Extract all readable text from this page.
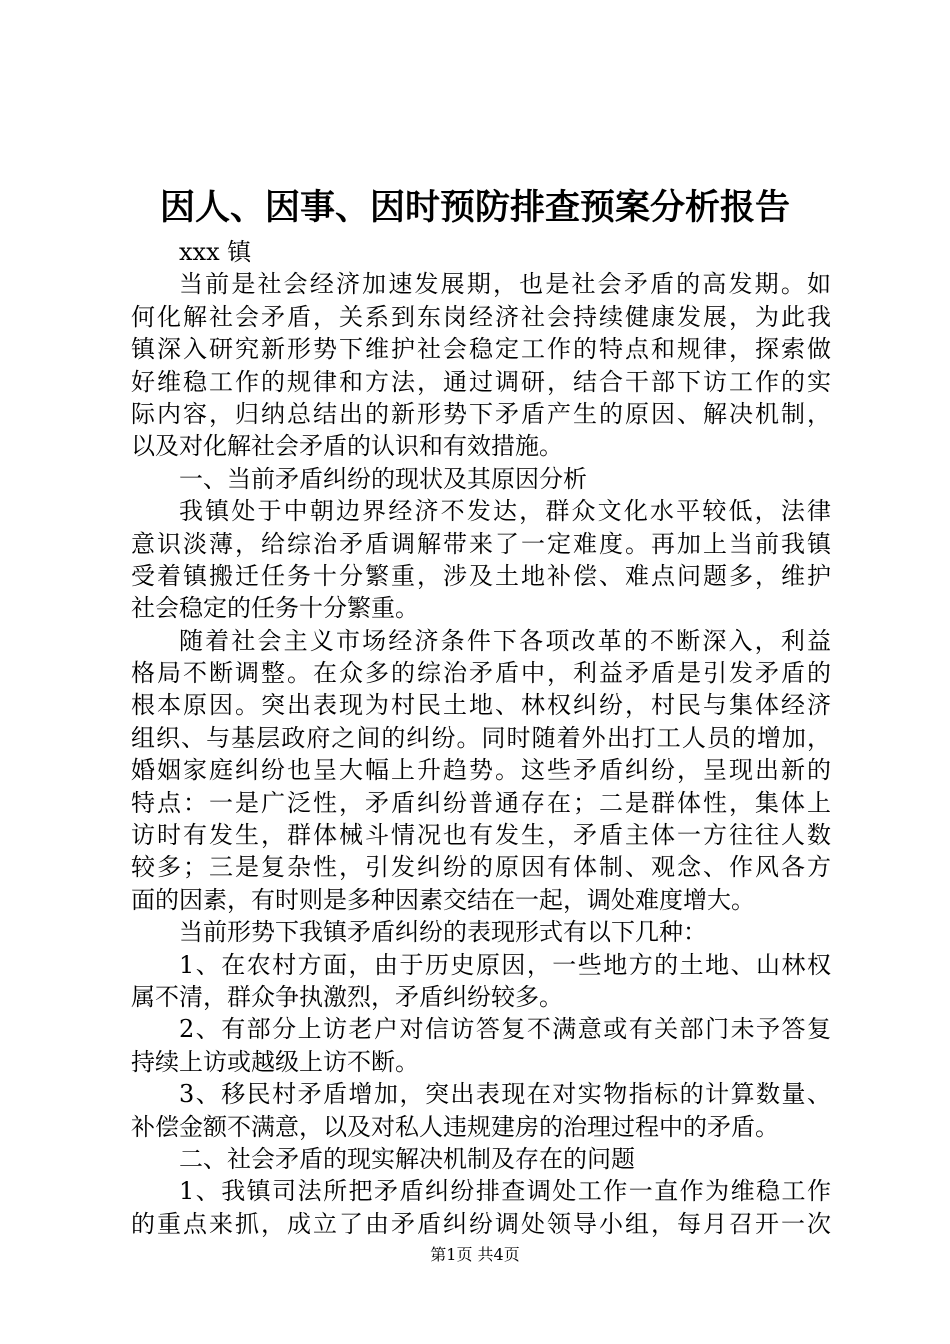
因人、因事、因时预防排查预案分析报告
xxx 镇
当前是社会经济加速发展期，也是社会矛盾的高发期。如
何化解社会矛盾，关系到东岗经济社会持续健康发展，为此我
镇深入研究新形势下维护社会稳定工作的特点和规律，探索做
好维稳工作的规律和方法，通过调研，结合干部下访工作的实
际内容，归纳总结出的新形势下矛盾产生的原因、解决机制，
以及对化解社会矛盾的认识和有效措施。
一、当前矛盾纠纷的现状及其原因分析
我镇处于中朝边界经济不发达，群众文化水平较低，法律
意识淡薄，给综治矛盾调解带来了一定难度。再加上当前我镇
受着镇搬迁任务十分繁重，涉及土地补偿、难点问题多，维护
社会稳定的任务十分繁重。
随着社会主义市场经济条件下各项改革的不断深入，利益
格局不断调整。在众多的综治矛盾中，利益矛盾是引发矛盾的
根本原因。突出表现为村民土地、林权纠纷，村民与集体经济
组织、与基层政府之间的纠纷。同时随着外出打工人员的增加，
婚姻家庭纠纷也呈大幅上升趋势。这些矛盾纠纷，呈现出新的
特点：一是广泛性，矛盾纠纷普通存在；二是群体性，集体上
访时有发生，群体械斗情况也有发生，矛盾主体一方往往人数
较多；三是复杂性，引发纠纷的原因有体制、观念、作风各方
面的因素，有时则是多种因素交结在一起，调处难度增大。
当前形势下我镇矛盾纠纷的表现形式有以下几种：
1、在农村方面，由于历史原因，一些地方的土地、山林权
属不清，群众争执激烈，矛盾纠纷较多。
2、有部分上访老户对信访答复不满意或有关部门未予答复
持续上访或越级上访不断。
3、移民村矛盾增加，突出表现在对实物指标的计算数量、
补偿金额不满意，以及对私人违规建房的治理过程中的矛盾。
二、社会矛盾的现实解决机制及存在的问题
1、我镇司法所把矛盾纠纷排查调处工作一直作为维稳工作
的重点来抓，成立了由矛盾纠纷调处领导小组，每月召开一次
第1页 共4页
